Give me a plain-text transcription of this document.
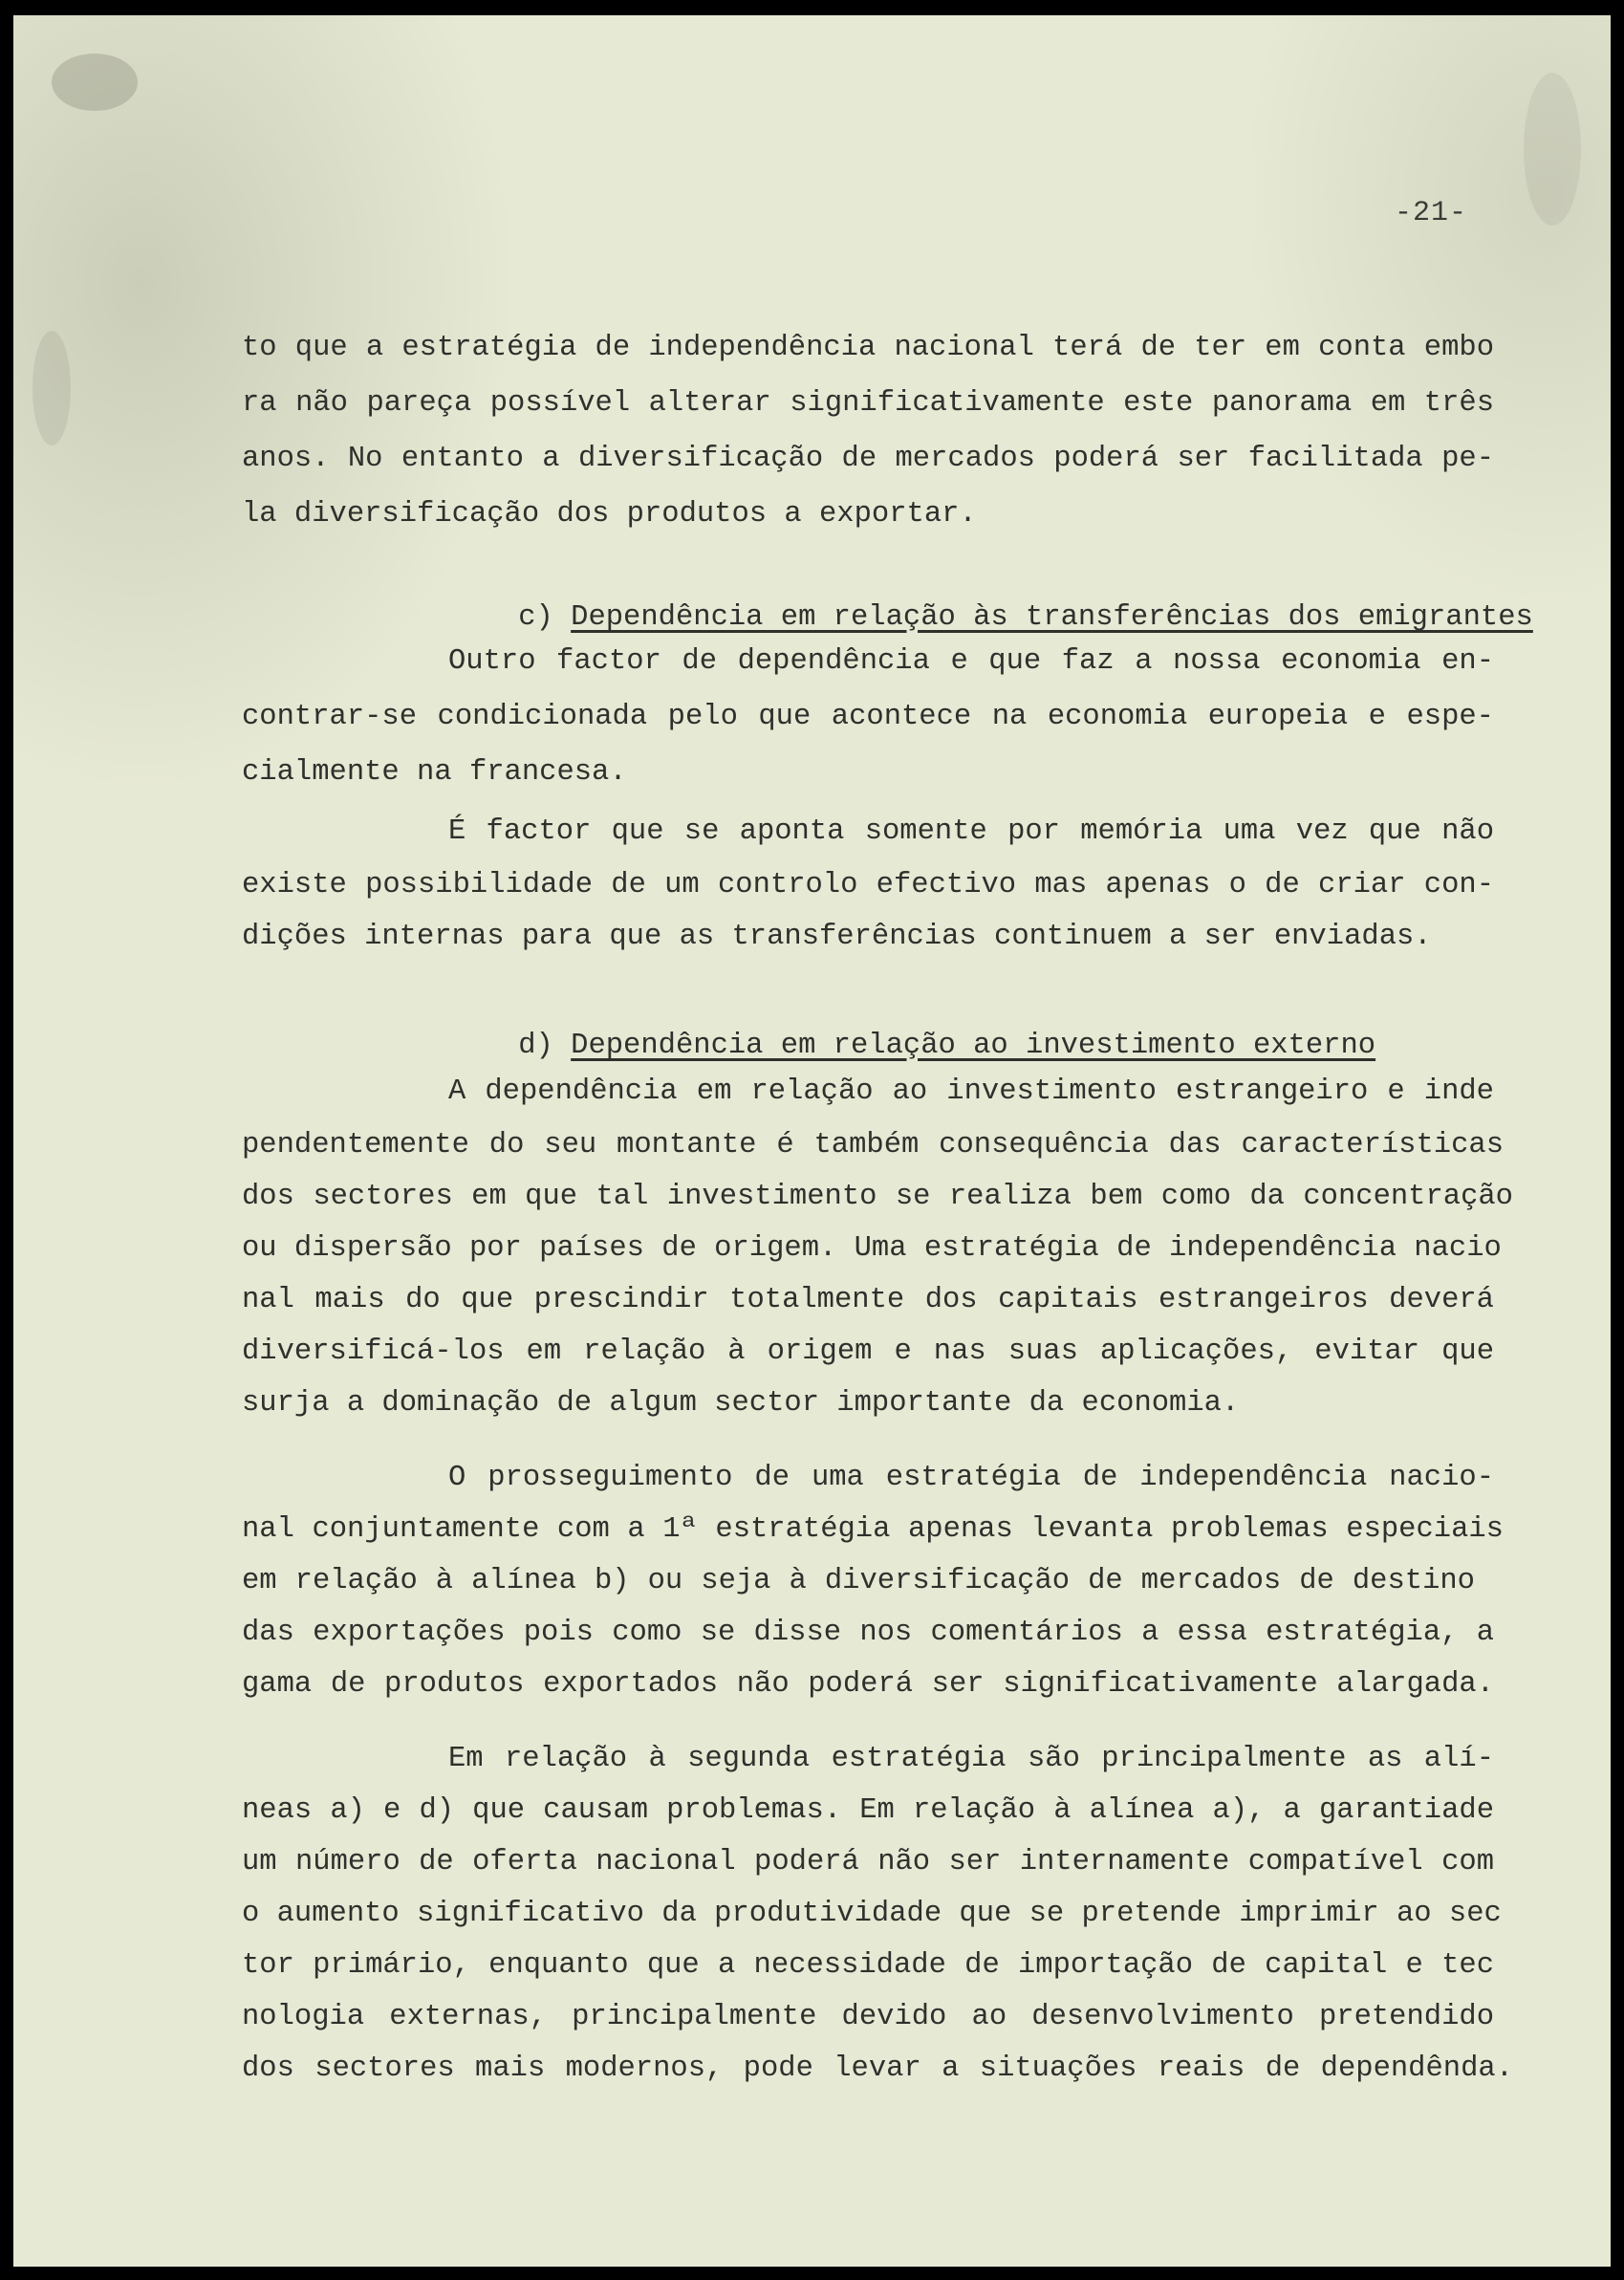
-21-
to que a estratégia de independência nacional terá de ter em conta embo
ra não pareça possível alterar significativamente este panorama em três
anos. No entanto a diversificação de mercados poderá ser facilitada pe-
la diversificação dos produtos a exportar.

c) Dependência em relação às transferências dos emigrantes

Outro factor de dependência e que faz a nossa economia en-
contrar-se condicionada pelo que acontece na economia europeia e espe-
cialmente na francesa.
É factor que se aponta somente por memória uma vez que não
existe possibilidade de um controlo efectivo mas apenas o de criar con-
dições internas para que as transferências continuem a ser enviadas.

d) Dependência em relação ao investimento externo

A dependência em relação ao investimento estrangeiro e inde
pendentemente do seu montante é também consequência das características
dos sectores em que tal investimento se realiza bem como da concentração
ou dispersão por países de origem. Uma estratégia de independência nacio
nal mais do que prescindir totalmente dos capitais estrangeiros deverá
diversificá-los em relação à origem e nas suas aplicações, evitar que
surja a dominação de algum sector importante da economia.
O prosseguimento de uma estratégia de independência nacio-
nal conjuntamente com a 1ª estratégia apenas levanta problemas especiais
em relação à alínea b) ou seja à diversificação de mercados de destino
das exportações pois como se disse nos comentários a essa estratégia, a
gama de produtos exportados não poderá ser significativamente alargada.
Em relação à segunda estratégia são principalmente as alí-
neas a) e d) que causam problemas. Em relação à alínea a), a garantiade
um número de oferta nacional poderá não ser internamente compatível com
o aumento significativo da produtividade que se pretende imprimir ao sec
tor primário, enquanto que a necessidade de importação de capital e tec
nologia externas, principalmente devido ao desenvolvimento pretendido
dos sectores mais modernos, pode levar a situações reais de dependênda.
